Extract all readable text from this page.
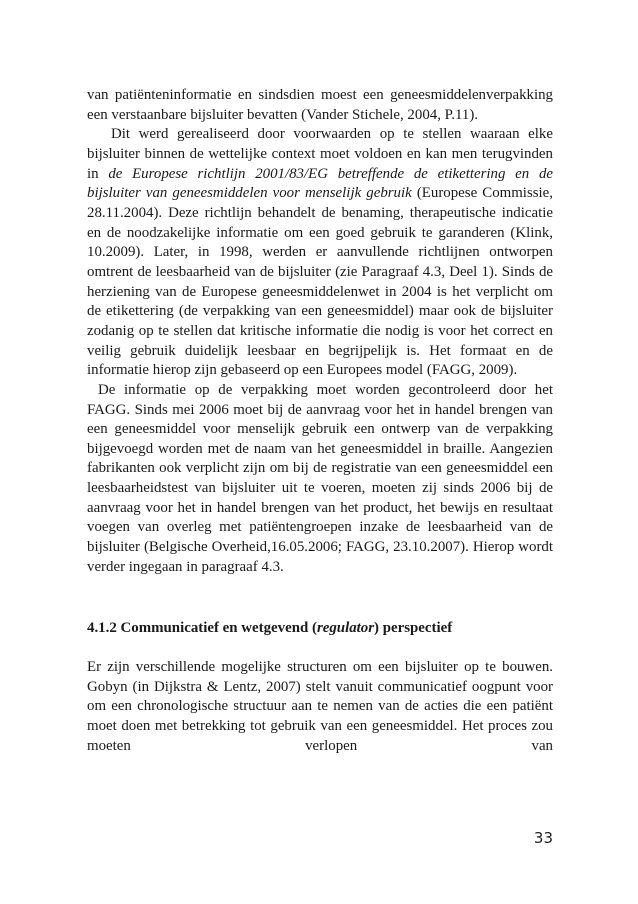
van patiënteninformatie en sindsdien moest een geneesmiddelenverpakking een verstaanbare bijsluiter bevatten (Vander Stichele, 2004, P.11).

Dit werd gerealiseerd door voorwaarden op te stellen waaraan elke bijsluiter binnen de wettelijke context moet voldoen en kan men terugvinden in de Europese richtlijn 2001/83/EG betreffende de etikettering en de bijsluiter van geneesmiddelen voor menselijk gebruik (Europese Commissie, 28.11.2004). Deze richtlijn behandelt de benaming, therapeutische indicatie en de noodzakelijke informatie om een goed gebruik te garanderen (Klink, 10.2009). Later, in 1998, werden er aanvullende richtlijnen ontworpen omtrent de leesbaarheid van de bijsluiter (zie Paragraaf 4.3, Deel 1). Sinds de herziening van de Europese geneesmiddelenwet in 2004 is het verplicht om de etikettering (de verpakking van een geneesmiddel) maar ook de bijsluiter zodanig op te stellen dat kritische informatie die nodig is voor het correct en veilig gebruik duidelijk leesbaar en begrijpelijk is. Het formaat en de informatie hierop zijn gebaseerd op een Europees model (FAGG, 2009).

De informatie op de verpakking moet worden gecontroleerd door het FAGG. Sinds mei 2006 moet bij de aanvraag voor het in handel brengen van een geneesmiddel voor menselijk gebruik een ontwerp van de verpakking bijgevoegd worden met de naam van het geneesmiddel in braille. Aangezien fabrikanten ook verplicht zijn om bij de registratie van een geneesmiddel een leesbaarheidstest van bijsluiter uit te voeren, moeten zij sinds 2006 bij de aanvraag voor het in handel brengen van het product, het bewijs en resultaat voegen van overleg met patiëntengroepen inzake de leesbaarheid van de bijsluiter (Belgische Overheid,16.05.2006; FAGG, 23.10.2007). Hierop wordt verder ingegaan in paragraaf 4.3.

4.1.2 Communicatief en wetgevend (regulator) perspectief

Er zijn verschillende mogelijke structuren om een bijsluiter op te bouwen. Gobyn (in Dijkstra & Lentz, 2007) stelt vanuit communicatief oogpunt voor om een chronologische structuur aan te nemen van de acties die een patiënt moet doen met betrekking tot gebruik van een geneesmiddel. Het proces zou moeten verlopen van

33
